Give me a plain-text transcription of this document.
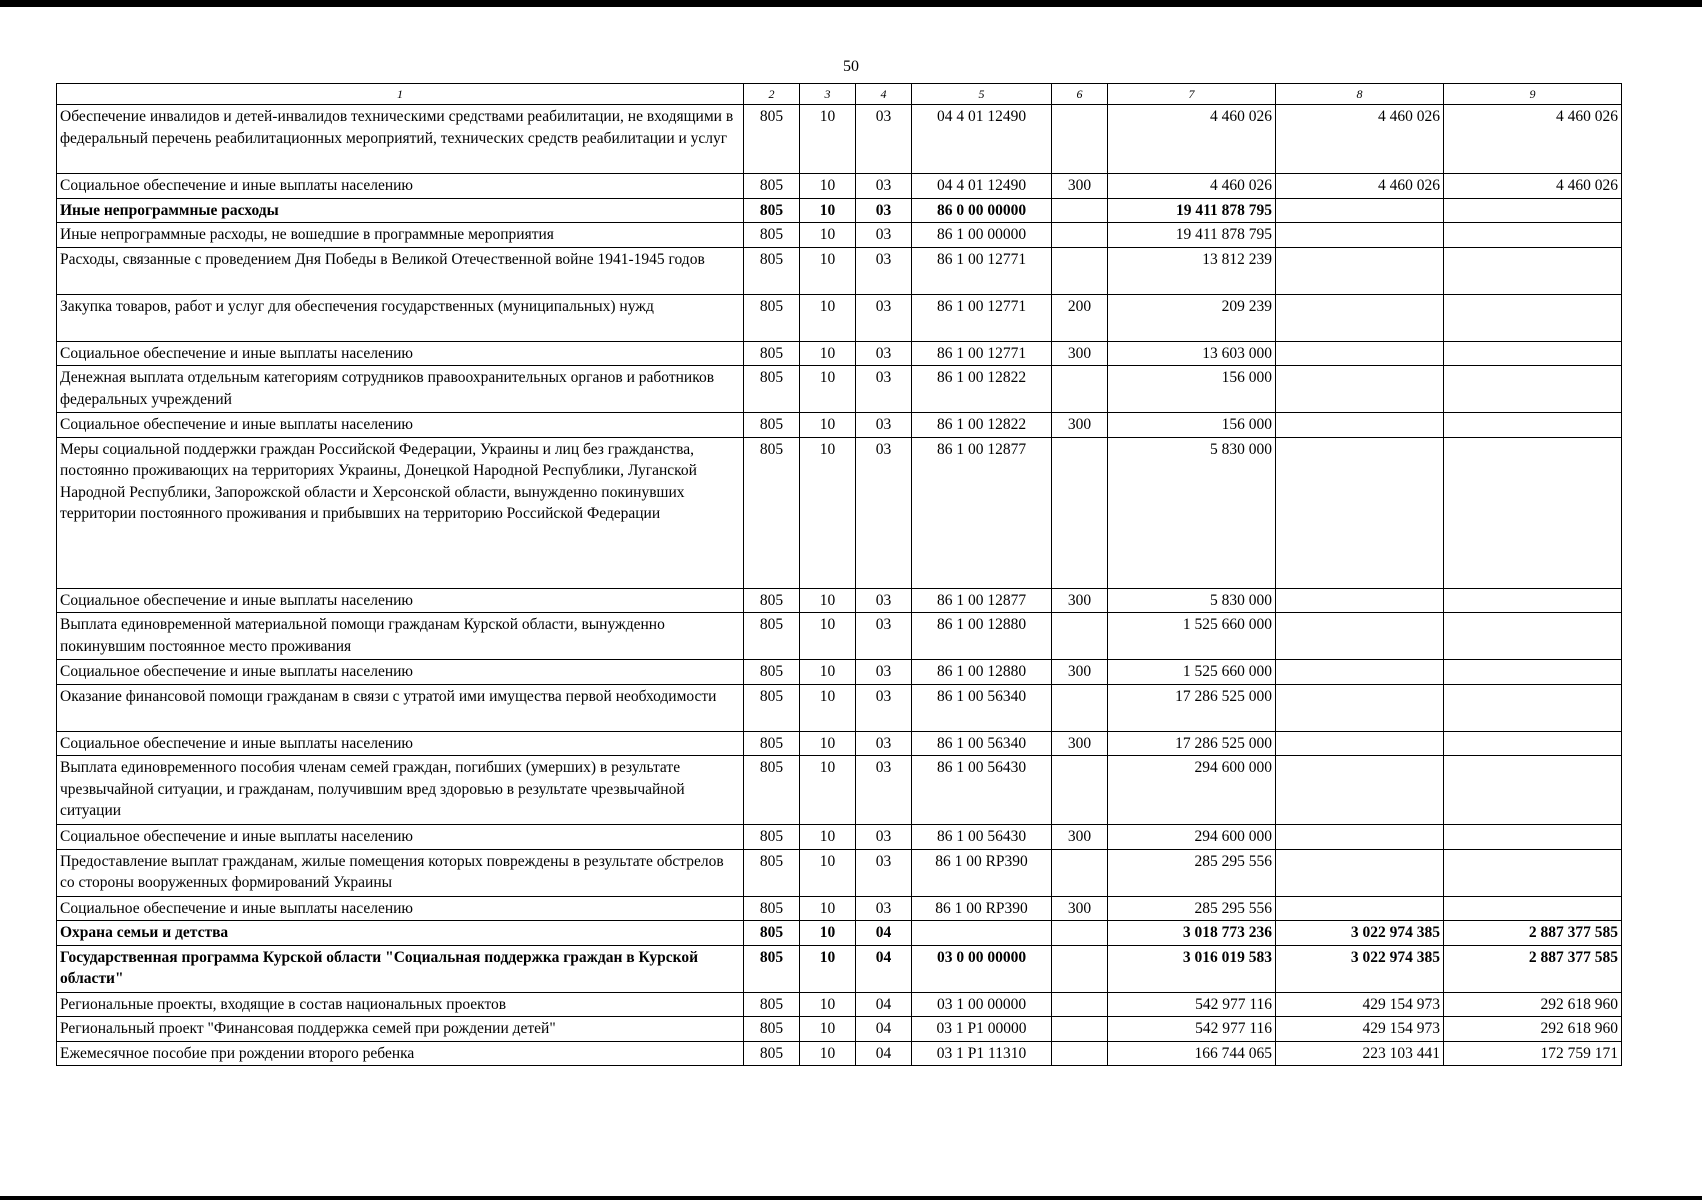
50
1	2	3	4	5	6	7	8	9
Обеспечение инвалидов и детей-инвалидов техническими средствами реабилитации, не входящими в федеральный перечень реабилитационных мероприятий, технических средств реабилитации и услуг	805	10	03	04 4 01 12490		4 460 026	4 460 026	4 460 026
Социальное обеспечение и иные выплаты населению	805	10	03	04 4 01 12490	300	4 460 026	4 460 026	4 460 026
Иные непрограммные расходы	805	10	03	86 0 00 00000		19 411 878 795		
Иные непрограммные расходы, не вошедшие в программные мероприятия	805	10	03	86 1 00 00000		19 411 878 795		
Расходы, связанные с проведением Дня Победы в Великой Отечественной войне 1941-1945 годов	805	10	03	86 1 00 12771		13 812 239		
Закупка товаров, работ и услуг для обеспечения государственных (муниципальных) нужд	805	10	03	86 1 00 12771	200	209 239		
Социальное обеспечение и иные выплаты населению	805	10	03	86 1 00 12771	300	13 603 000		
Денежная выплата отдельным категориям сотрудников правоохранительных органов и работников федеральных учреждений	805	10	03	86 1 00 12822		156 000		
Социальное обеспечение и иные выплаты населению	805	10	03	86 1 00 12822	300	156 000		
Меры социальной поддержки граждан Российской Федерации, Украины и лиц без гражданства, постоянно проживающих на территориях Украины, Донецкой Народной Республики, Луганской Народной Республики, Запорожской области и Херсонской области, вынужденно покинувших территории постоянного проживания и прибывших на территорию Российской Федерации	805	10	03	86 1 00 12877		5 830 000		
Социальное обеспечение и иные выплаты населению	805	10	03	86 1 00 12877	300	5 830 000		
Выплата единовременной материальной помощи гражданам Курской области, вынужденно покинувшим постоянное место проживания	805	10	03	86 1 00 12880		1 525 660 000		
Социальное обеспечение и иные выплаты населению	805	10	03	86 1 00 12880	300	1 525 660 000		
Оказание финансовой помощи гражданам в связи с утратой ими имущества первой необходимости	805	10	03	86 1 00 56340		17 286 525 000		
Социальное обеспечение и иные выплаты населению	805	10	03	86 1 00 56340	300	17 286 525 000		
Выплата единовременного пособия членам семей граждан, погибших (умерших) в результате чрезвычайной ситуации, и гражданам, получившим вред здоровью в результате чрезвычайной ситуации	805	10	03	86 1 00 56430		294 600 000		
Социальное обеспечение и иные выплаты населению	805	10	03	86 1 00 56430	300	294 600 000		
Предоставление выплат гражданам, жилые помещения которых повреждены в результате обстрелов со стороны вооруженных формирований Украины	805	10	03	86 1 00 RP390		285 295 556		
Социальное обеспечение и иные выплаты населению	805	10	03	86 1 00 RP390	300	285 295 556		
Охрана семьи и детства	805	10	04			3 018 773 236	3 022 974 385	2 887 377 585
Государственная программа Курской области "Социальная поддержка граждан в Курской области"	805	10	04	03 0 00 00000		3 016 019 583	3 022 974 385	2 887 377 585
Региональные проекты, входящие в состав национальных проектов	805	10	04	03 1 00 00000		542 977 116	429 154 973	292 618 960
Региональный проект "Финансовая поддержка семей при рождении детей"	805	10	04	03 1 P1 00000		542 977 116	429 154 973	292 618 960
Ежемесячное пособие при рождении второго ребенка	805	10	04	03 1 P1 11310		166 744 065	223 103 441	172 759 171
